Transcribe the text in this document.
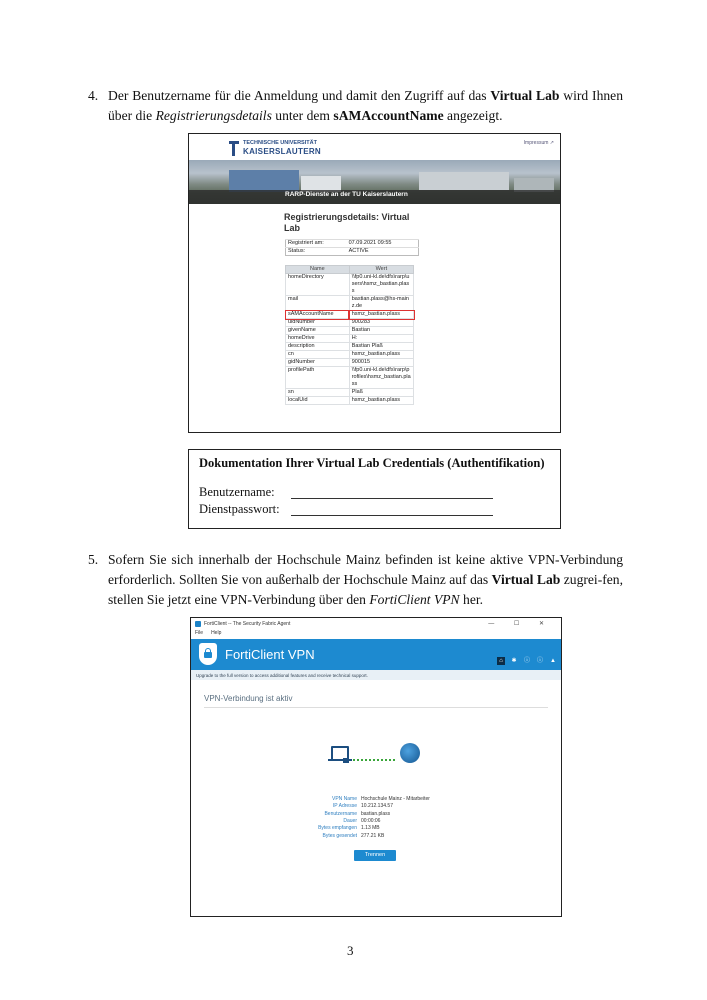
4. Der Benutzername für die Anmeldung und damit den Zugriff auf das Virtual Lab wird Ihnen über die Registrierungsdetails unter dem sAMAccountName angezeigt.
TECHNISCHE UNIVERSITÄT
KAISERSLAUTERN
Impressum ↗
RARP-Dienste an der TU Kaiserslautern
Registrierungsdetails: Virtual Lab
Registriert am:	07.09.2021 09:55
Status:	ACTIVE
Name	Wert
homeDirectory	\\fp0.uni-kl.de\dfs\rarp\users\hsmz_bastian.plass
mail	bastian.plass@hs-mainz.de
sAMAccountName	hsmz_bastian.plass
uidNumber	900283
givenName	Bastian
homeDrive	H:
description	Bastian Plaß
cn	hsmz_bastian.plass
gidNumber	900015
profilePath	\\fp0.uni-kl.de\dfs\rarp\profiles\hsmz_bastian.plass
sn	Plaß
localUid	hsmz_bastian.plass
Dokumentation Ihrer Virtual Lab Credentials (Authentifikation)
Benutzername:
Dienstpasswort:
5. Sofern Sie sich innerhalb der Hochschule Mainz befinden ist keine aktive VPN-Verbindung erforderlich. Sollten Sie von außerhalb der Hochschule Mainz auf das Virtual Lab zugrei-fen, stellen Sie jetzt eine VPN-Verbindung über den FortiClient VPN her.
FortiClient -- The Security Fabric Agent	— ☐ ✕
File Help
FortiClient VPN	⌂	✱ ⓘ ⓘ ▲
Upgrade to the full version to access additional features and receive technical support.
VPN-Verbindung ist aktiv
VPN Name Hochschule Mainz - Mitarbeiter
IP Adresse 10.212.134.57
Benutzername bastian.plass
Dauer 00:00:06
Bytes empfangen 1.13 MB
Bytes gesendet 277.21 KB
Trennen
3
